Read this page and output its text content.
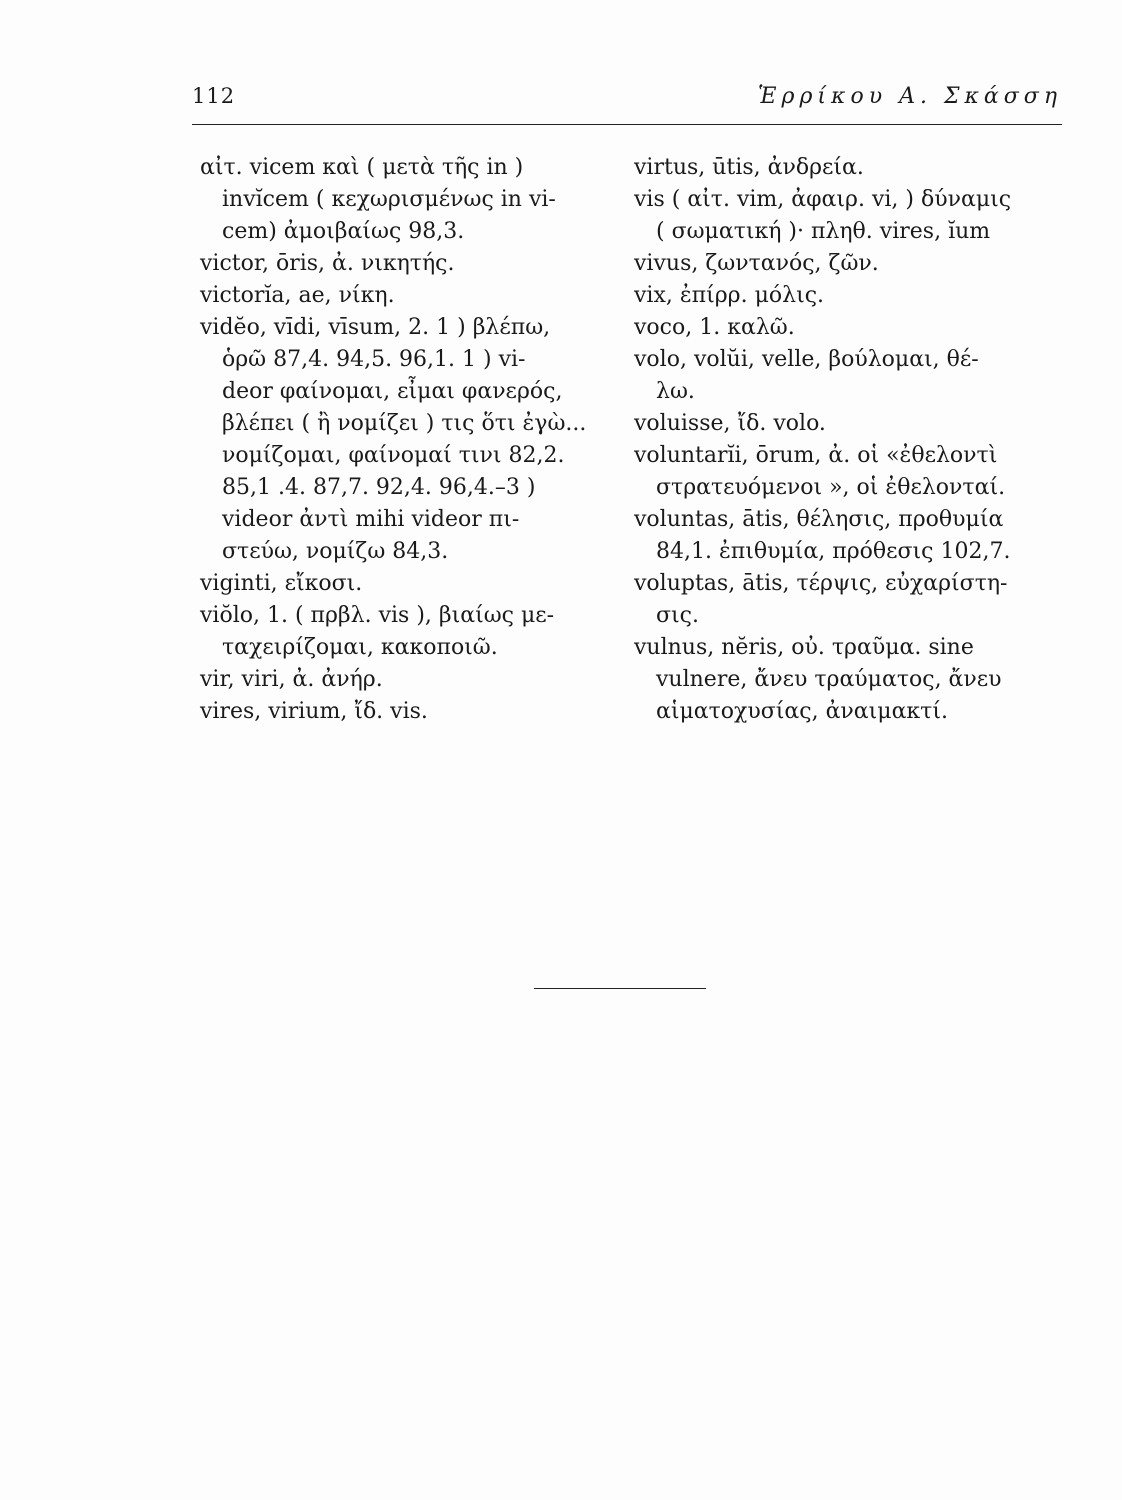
112	Ἑρρίκου Α. Σκάσση
αἰτ. vicem καὶ ( μετὰ τῆς in )
invĭcem ( κεχωρισμένως in vi-
cem) ἀμοιβαίως 98,3.
victor, ōris, ἀ. νικητής.
victorĭa, ae, νίκη.
vidĕo, vīdi, vīsum, 2. 1 ) βλέπω,
ὁρῶ 87,4. 94,5. 96,1. 1 ) vi-
deor φαίνομαι, εἶμαι φανερός,
βλέπει ( ἢ νομίζει ) τις ὅτι ἐγὼ...
νομίζομαι, φαίνομαί τινι 82,2.
85,1 .4. 87,7. 92,4. 96,4.–3 )
videor ἀντὶ mihi videor πι-
στεύω, νομίζω 84,3.
viginti, εἴκοσι.
viŏlo, 1. ( πρβλ. vis ), βιαίως με-
ταχειρίζομαι, κακοποιῶ.
vir, viri, ἀ. ἀνήρ.
vires, virium, ἴδ. vis.
virtus, ūtis, ἀνδρεία.
vis ( αἰτ. vim, ἀφαιρ. vi, ) δύναμις
( σωματική )· πληθ. vires, ĭum
vivus, ζωντανός, ζῶν.
vix, ἐπίρρ. μόλις.
voco, 1. καλῶ.
volo, volŭi, velle, βούλομαι, θέ-
λω.
voluisse, ἴδ. volo.
voluntarĭi, ōrum, ἀ. οἱ «ἐθελοντὶ
στρατευόμενοι », οἱ ἐθελονταί.
voluntas, ātis, θέλησις, προθυμία
84,1. ἐπιθυμία, πρόθεσις 102,7.
voluptas, ātis, τέρψις, εὐχαρίστη-
σις.
vulnus, nĕris, οὐ. τραῦμα. sine
vulnere, ἄνευ τραύματος, ἄνευ
αἱματοχυσίας, ἀναιμακτί.
